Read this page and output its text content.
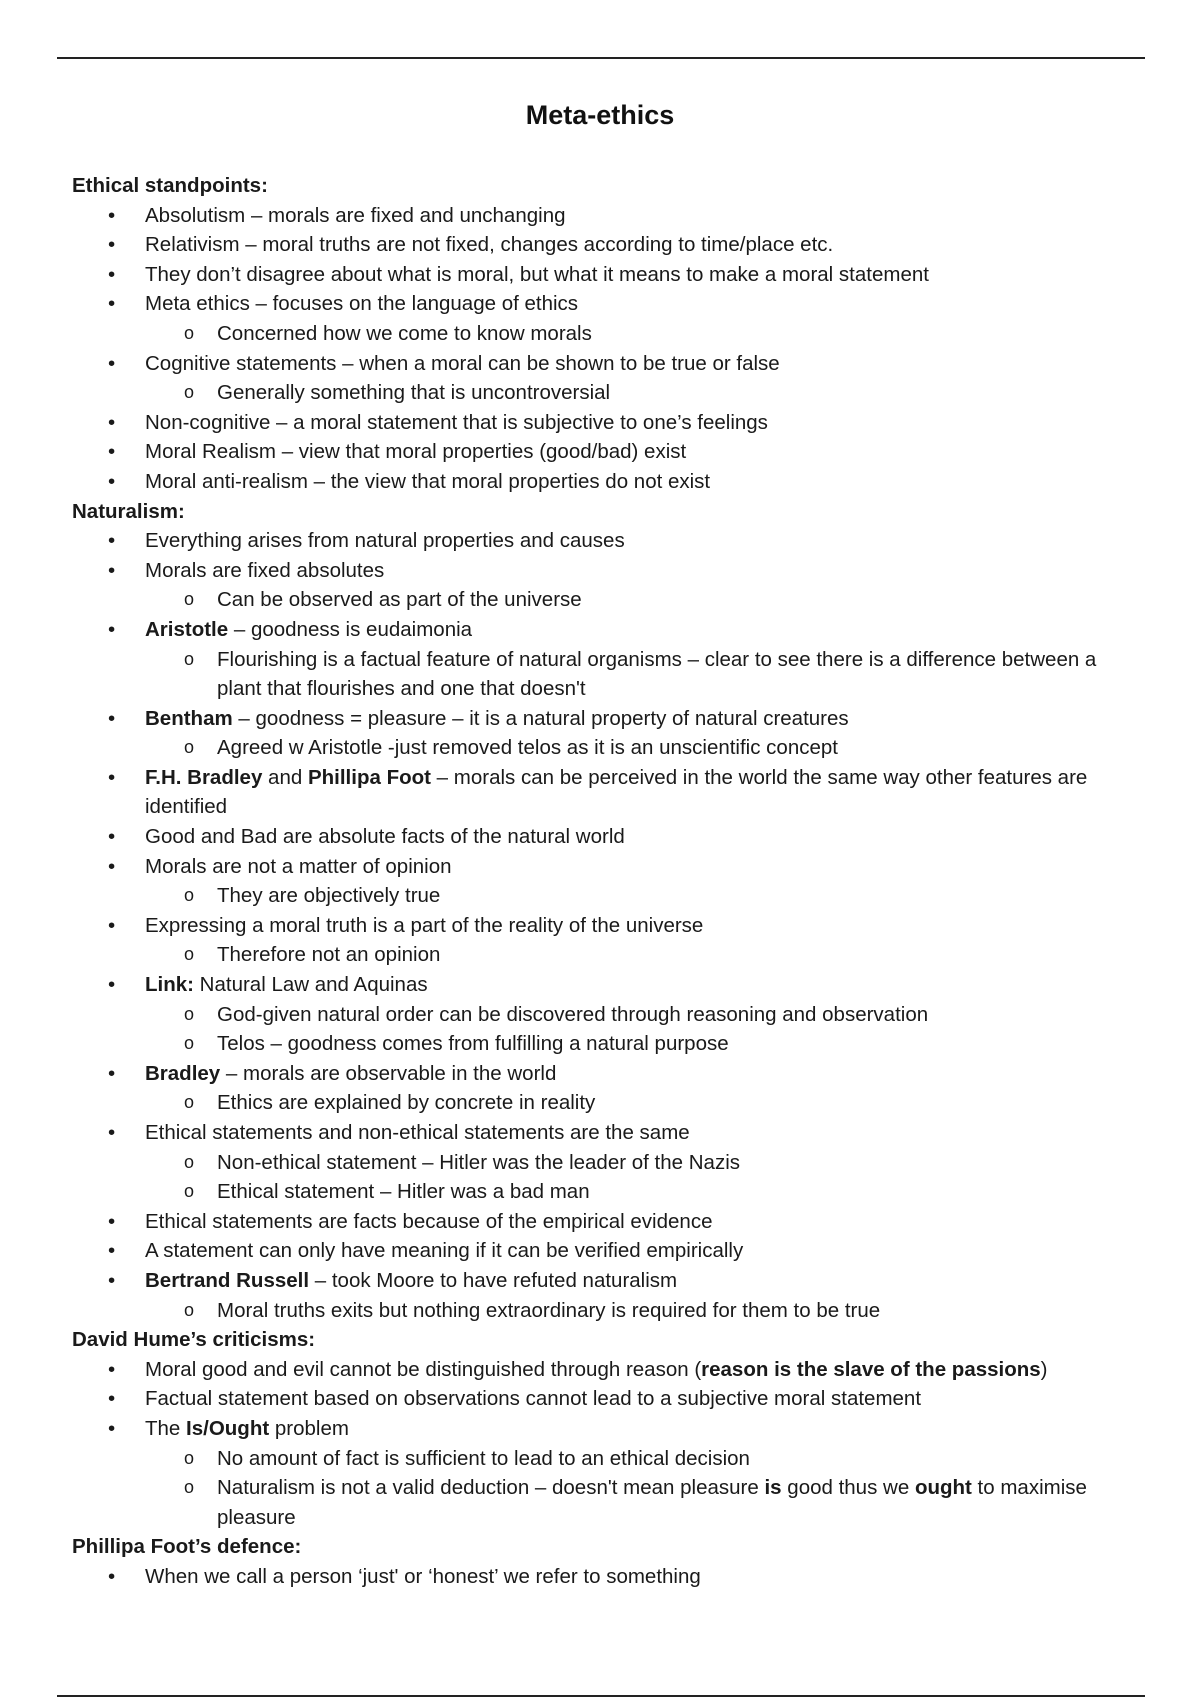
Meta-ethics
Ethical standpoints:
• Absolutism – morals are fixed and unchanging
• Relativism – moral truths are not fixed, changes according to time/place etc.
• They don’t disagree about what is moral, but what it means to make a moral statement
• Meta ethics – focuses on the language of ethics
o Concerned how we come to know morals
• Cognitive statements – when a moral can be shown to be true or false
o Generally something that is uncontroversial
• Non-cognitive – a moral statement that is subjective to one’s feelings
• Moral Realism – view that moral properties (good/bad) exist
• Moral anti-realism – the view that moral properties do not exist
Naturalism:
• Everything arises from natural properties and causes
• Morals are fixed absolutes
o Can be observed as part of the universe
• Aristotle – goodness is eudaimonia
o Flourishing is a factual feature of natural organisms – clear to see there is a difference between a plant that flourishes and one that doesn't
• Bentham – goodness = pleasure – it is a natural property of natural creatures
o Agreed w Aristotle -just removed telos as it is an unscientific concept
• F.H. Bradley and Phillipa Foot – morals can be perceived in the world the same way other features are identified
• Good and Bad are absolute facts of the natural world
• Morals are not a matter of opinion
o They are objectively true
• Expressing a moral truth is a part of the reality of the universe
o Therefore not an opinion
• Link: Natural Law and Aquinas
o God-given natural order can be discovered through reasoning and observation
o Telos – goodness comes from fulfilling a natural purpose
• Bradley – morals are observable in the world
o Ethics are explained by concrete in reality
• Ethical statements and non-ethical statements are the same
o Non-ethical statement – Hitler was the leader of the Nazis
o Ethical statement – Hitler was a bad man
• Ethical statements are facts because of the empirical evidence
• A statement can only have meaning if it can be verified empirically
• Bertrand Russell – took Moore to have refuted naturalism
o Moral truths exits but nothing extraordinary is required for them to be true
David Hume’s criticisms:
• Moral good and evil cannot be distinguished through reason (reason is the slave of the passions)
• Factual statement based on observations cannot lead to a subjective moral statement
• The Is/Ought problem
o No amount of fact is sufficient to lead to an ethical decision
o Naturalism is not a valid deduction – doesn't mean pleasure is good thus we ought to maximise pleasure
Phillipa Foot’s defence:
• When we call a person ‘just' or ‘honest’ we refer to something
